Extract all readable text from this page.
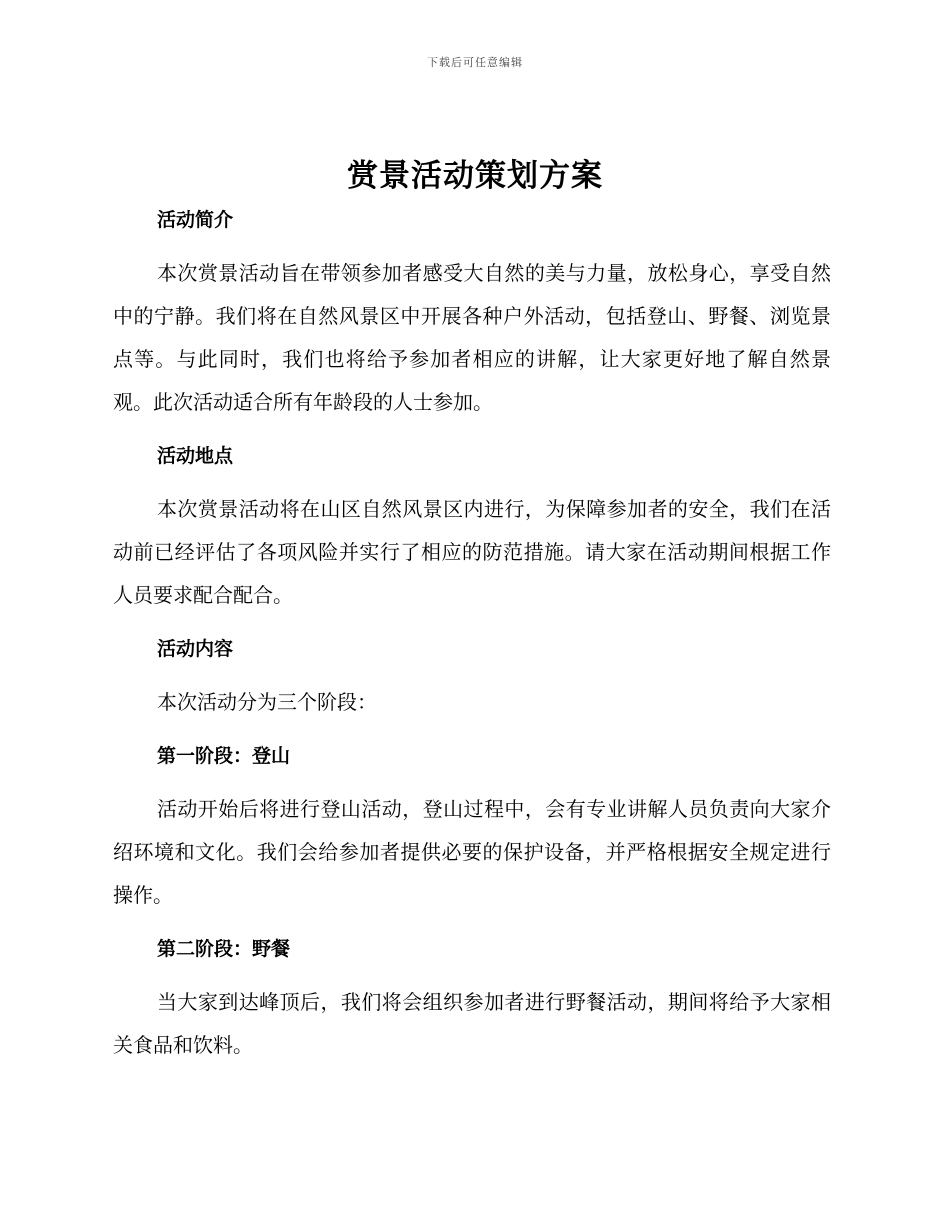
下载后可任意编辑
赏景活动策划方案
活动简介

本次赏景活动旨在带领参加者感受大自然的美与力量，放松身心，享受自然中的宁静。我们将在自然风景区中开展各种户外活动，包括登山、野餐、浏览景点等。与此同时，我们也将给予参加者相应的讲解，让大家更好地了解自然景观。此次活动适合所有年龄段的人士参加。

活动地点

本次赏景活动将在山区自然风景区内进行，为保障参加者的安全，我们在活动前已经评估了各项风险并实行了相应的防范措施。请大家在活动期间根据工作人员要求配合配合。

活动内容

本次活动分为三个阶段：

第一阶段：登山

活动开始后将进行登山活动，登山过程中，会有专业讲解人员负责向大家介绍环境和文化。我们会给参加者提供必要的保护设备，并严格根据安全规定进行操作。

第二阶段：野餐

当大家到达峰顶后，我们将会组织参加者进行野餐活动，期间将给予大家相关食品和饮料。
